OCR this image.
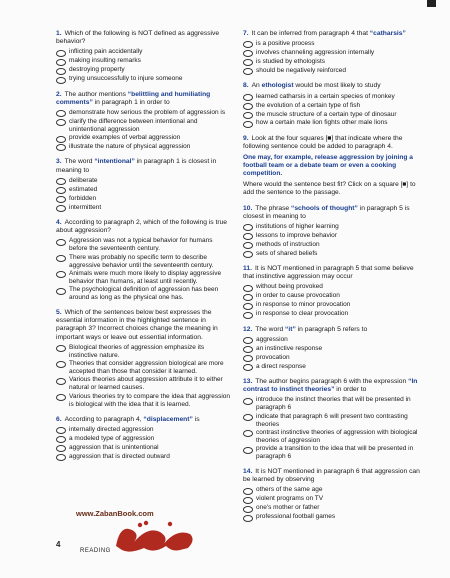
1. Which of the following is NOT defined as aggressive behavior?
inflicting pain accidentally
making insulting remarks
destroying property
trying unsuccessfully to injure someone
2. The author mentions “belittling and humiliating comments” in paragraph 1 in order to
demonstrate how serious the problem of aggression is
clarify the difference between intentional and unintentional aggression
provide examples of verbal aggression
illustrate the nature of physical aggression
3. The word “intentional” in paragraph 1 is closest in meaning to
deliberate
estimated
forbidden
intermittent
4. According to paragraph 2, which of the following is true about aggression?
Aggression was not a typical behavior for humans before the seventeenth century.
There was probably no specific term to describe aggressive behavior until the seventeenth century.
Animals were much more likely to display aggressive behavior than humans, at least until recently.
The psychological definition of aggression has been around as long as the physical one has.
5. Which of the sentences below best expresses the essential information in the highlighted sentence in paragraph 3? Incorrect choices change the meaning in important ways or leave out essential information.
Biological theories of aggression emphasize its instinctive nature.
Theories that consider aggression biological are more accepted than those that consider it learned.
Various theories about aggression attribute it to either natural or learned causes.
Various theories try to compare the idea that aggression is biological with the idea that it is learned.
6. According to paragraph 4, “displacement” is
internally directed aggression
a modeled type of aggression
aggression that is unintentional
aggression that is directed outward
7. It can be inferred from paragraph 4 that “catharsis”
is a positive process
involves channeling aggression internally
is studied by ethologists
should be negatively reinforced
8. An ethologist would be most likely to study
learned catharsis in a certain species of monkey
the evolution of a certain type of fish
the muscle structure of a certain type of dinosaur
how a certain male lion fights other male lions
9. Look at the four squares [■] that indicate where the following sentence could be added to paragraph 4.
One may, for example, release aggression by joining a football team or a debate team or even a cooking competition.
Where would the sentence best fit? Click on a square [■] to add the sentence to the passage.
10. The phrase “schools of thought” in paragraph 5 is closest in meaning to
institutions of higher learning
lessons to improve behavior
methods of instruction
sets of shared beliefs
11. It is NOT mentioned in paragraph 5 that some believe that instinctive aggression may occur
without being provoked
in order to cause provocation
in response to minor provocation
in response to clear provocation
12. The word “it” in paragraph 5 refers to
aggression
an instinctive response
provocation
a direct response
13. The author begins paragraph 6 with the expression “In contrast to instinct theories” in order to
introduce the instinct theories that will be presented in paragraph 6
indicate that paragraph 6 will present two contrasting theories
contrast instinctive theories of aggression with biological theories of aggression
provide a transition to the idea that will be presented in paragraph 6
14. It is NOT mentioned in paragraph 6 that aggression can be learned by observing
others of the same age
violent programs on TV
one's mother or father
professional football games
www.ZabanBook.com
4
READING
